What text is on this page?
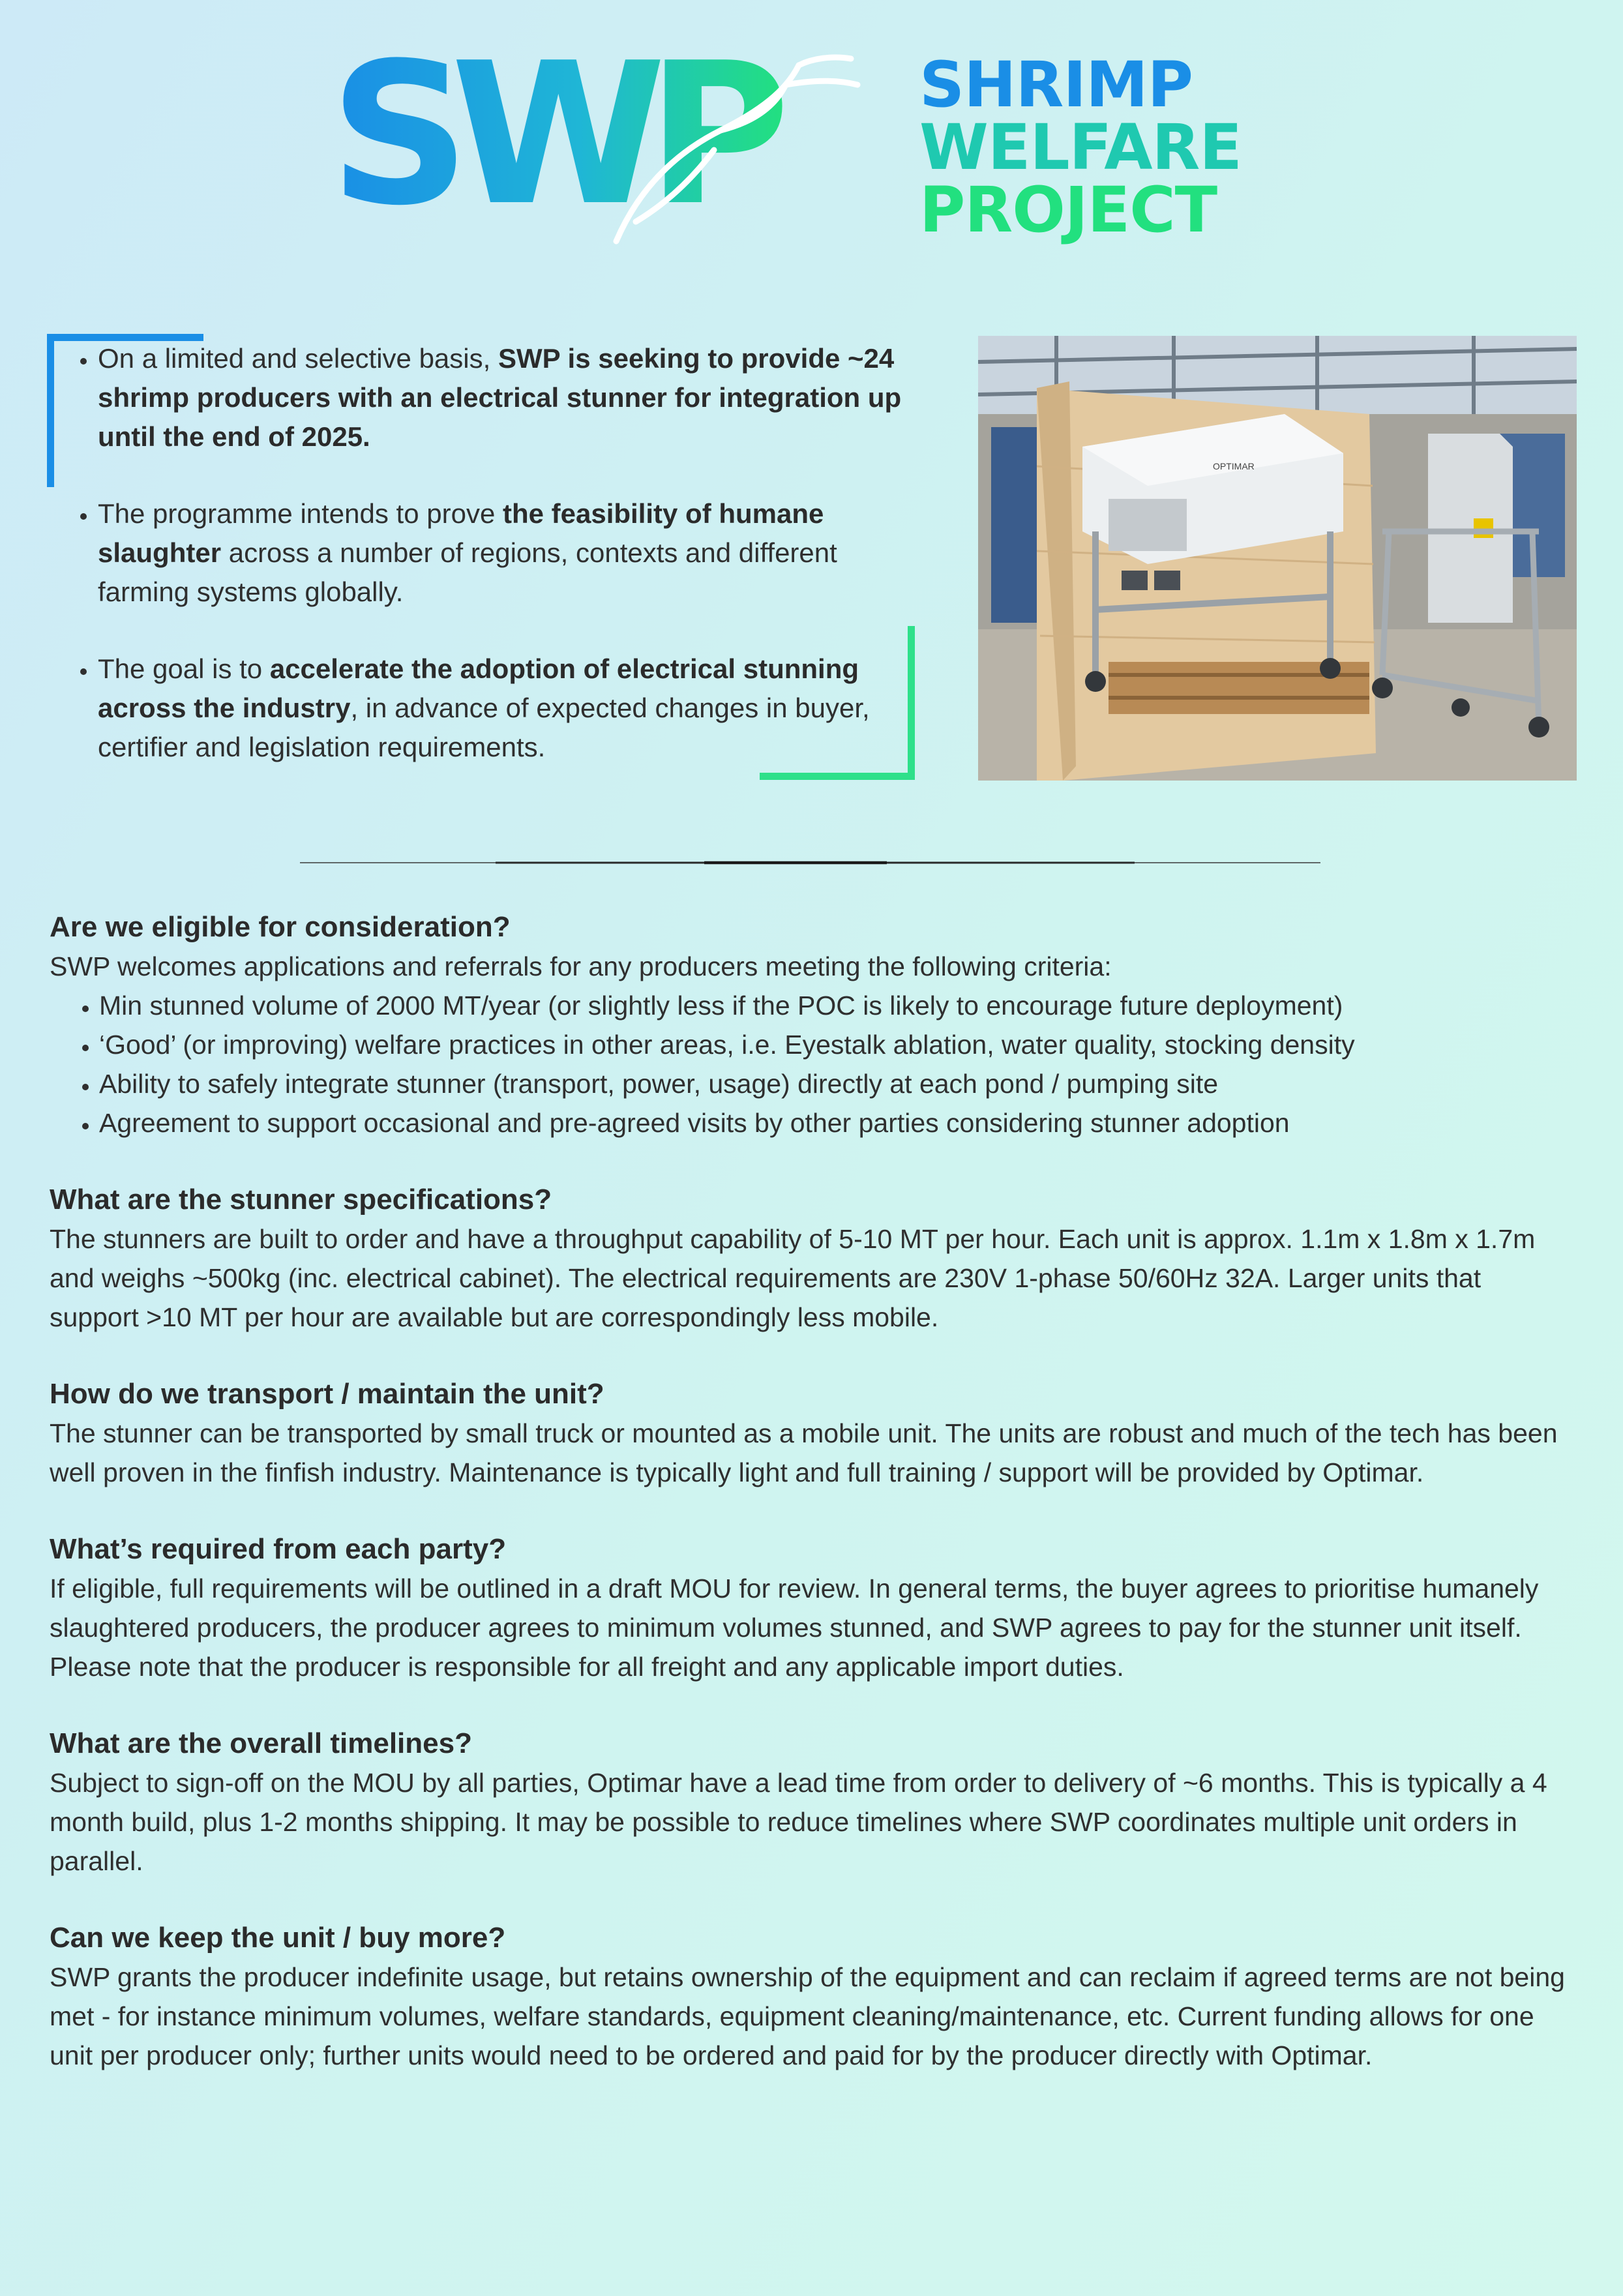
SWP SHRIMP
WELFARE
PROJECT
• On a limited and selective basis, SWP is seeking to provide ~24 shrimp producers with an electrical stunner for integration up until the end of 2025.
• The programme intends to prove the feasibility of humane slaughter across a number of regions, contexts and different farming systems globally.
• The goal is to accelerate the adoption of electrical stunning across the industry, in advance of expected changes in buyer, certifier and legislation requirements.
OPTIMAR
Are we eligible for consideration?

SWP welcomes applications and referrals for any producers meeting the following criteria:

• Min stunned volume of 2000 MT/year (or slightly less if the POC is likely to encourage future deployment)
• ‘Good’ (or improving) welfare practices in other areas, i.e. Eyestalk ablation, water quality, stocking density
• Ability to safely integrate stunner (transport, power, usage) directly at each pond / pumping site
• Agreement to support occasional and pre-agreed visits by other parties considering stunner adoption
What are the stunner specifications?

The stunners are built to order and have a throughput capability of 5-10 MT per hour. Each unit is approx. 1.1m x 1.8m x 1.7m and weighs ~500kg (inc. electrical cabinet). The electrical requirements are 230V 1-phase 50/60Hz 32A. Larger units that support >10 MT per hour are available but are correspondingly less mobile.

How do we transport / maintain the unit?

The stunner can be transported by small truck or mounted as a mobile unit. The units are robust and much of the tech has been well proven in the finfish industry. Maintenance is typically light and full training / support will be provided by Optimar.

What’s required from each party?

If eligible, full requirements will be outlined in a draft MOU for review. In general terms, the buyer agrees to prioritise humanely slaughtered producers, the producer agrees to minimum volumes stunned, and SWP agrees to pay for the stunner unit itself. Please note that the producer is responsible for all freight and any applicable import duties.

What are the overall timelines?

Subject to sign-off on the MOU by all parties, Optimar have a lead time from order to delivery of ~6 months. This is typically a 4 month build, plus 1-2 months shipping. It may be possible to reduce timelines where SWP coordinates multiple unit orders in parallel.

Can we keep the unit / buy more?

SWP grants the producer indefinite usage, but retains ownership of the equipment and can reclaim if agreed terms are not being met - for instance minimum volumes, welfare standards, equipment cleaning/maintenance, etc. Current funding allows for one unit per producer only; further units would need to be ordered and paid for by the producer directly with Optimar.
